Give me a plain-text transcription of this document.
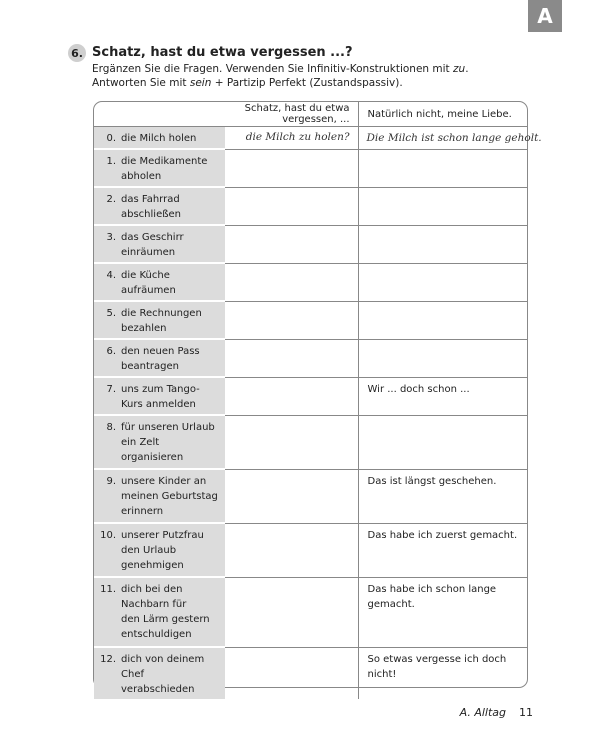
A
6. Schatz, hast du etwa vergessen ...?
Ergänzen Sie die Fragen. Verwenden Sie Infinitiv-Konstruktionen mit zu.
Antworten Sie mit sein + Partizip Perfekt (Zustandspassiv).
	Schatz, hast du etwa vergessen, ...	Natürlich nicht, meine Liebe.
0. die Milch holen	die Milch zu holen?	Die Milch ist schon lange geholt.
1. die Medikamente
abholen		

2. das Fahrrad
abschließen		

3. das Geschirr
einräumen		

4. die Küche
aufräumen		

5. die Rechnungen
bezahlen		

6. den neuen Pass
beantragen		

7. uns zum Tango-
Kurs anmelden		Wir ... doch schon ...
8. für unseren Urlaub
ein Zelt
organisieren		

9. unsere Kinder an
meinen Geburtstag
erinnern		Das ist längst geschehen.
10. unserer Putzfrau
den Urlaub
genehmigen		Das habe ich zuerst gemacht.
11. dich bei den
Nachbarn für
den Lärm gestern
entschuldigen		Das habe ich schon lange gemacht.
12. dich von deinem
Chef verabschieden		So etwas vergesse ich doch nicht!
A. Alltag 11
